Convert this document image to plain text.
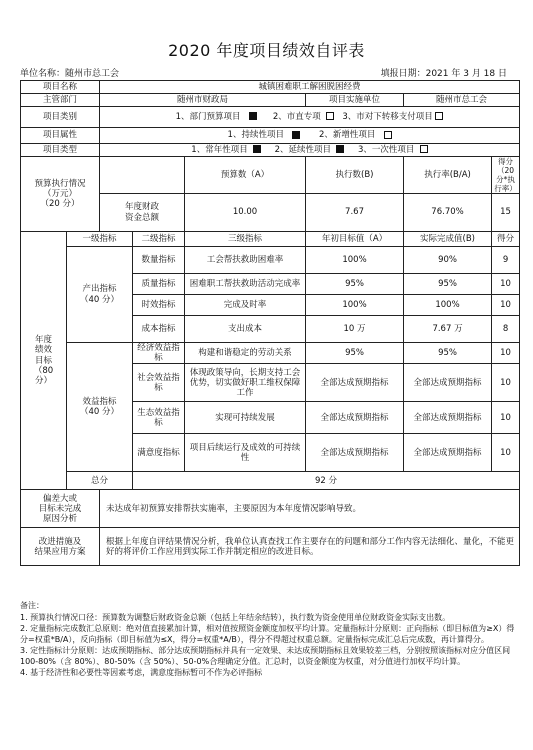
2020 年度项目绩效自评表
单位名称：随州市总工会	填报日期：2021 年 3 月 18 日
项目名称		城镇困难职工解困脱困经费					
主管部门		随州市财政局			项目实施单位	随州市总工会	
项目类别		1、部门预算项目 2、市直专项 3、市对下转移支付项目					
项目属性		1、持续性项目 2、新增性项目					
项目类型		1、常年性项目 2、延续性项目 3、一次性项目					
预算执行情况
（万元）
（20 分）				预算数（A）	执行数(B)	执行率(B/A)	得分（20 分*执行率）
		年度财政
资金总额		10.00	7.67	76.70%	15
年度
绩效
目标
（80
分）	一级指标		二级指标	三级指标	年初目标值（A）	实际完成值(B)	得分
	产出指标
（40 分）		数量指标	工会帮扶救助困难率	100%	90%	9
			质量指标	困难职工帮扶救助活动完成率	95%	95%	10
			时效指标	完成及时率	100%	100%	10
			成本指标	支出成本	10 万	7.67 万	8
	效益指标
（40 分）		经济效益指标	构建和谐稳定的劳动关系	95%	95%	10
			社会效益指标	体现政策导向，长期支持工会优势，切实做好职工维权保障工作	全部达成预期指标	全部达成预期指标	10
			生态效益指标	实现可持续发展	全部达成预期指标	全部达成预期指标	10
			满意度指标	项目后续运行及成效的可持续性	全部达成预期指标	全部达成预期指标	10
	总分		92 分				
偏差大或
目标未完成
原因分析		未达成年初预算安排帮扶实施率，主要原因为本年度情况影响导致。					
改进措施及
结果应用方案		根据上年度自评结果情况分析，我单位认真查找工作主要存在的问题和部分工作内容无法细化、量化，不能更好的将评价工作应用到实际工作并制定相应的改进目标。					
备注：
1. 预算执行情况口径：预算数为调整后财政资金总额（包括上年结余结转），执行数为资金使用单位财政资金实际支出数。
2. 定量指标完成数汇总原则：绝对值直接累加计算，相对值按照资金额度加权平均计算。定量指标计分原则：正向指标（即目标值为≥X）得分=权重*B/A），反向指标（即目标值为≤X，得分=权重*A/B），得分不得超过权重总额。定量指标完成汇总后完成数，再计算得分。
3. 定性指标计分原则：达成预期指标、部分达成预期指标并具有一定效果、未达成预期指标且效果较差三档，分别按照该指标对应分值区间 100-80%（含 80%）、80-50%（含 50%）、50-0%合理确定分值。汇总时，以资金额度为权重，对分值进行加权平均计算。
4. 基于经济性和必要性等因素考虑，满意度指标暂可不作为必评指标
